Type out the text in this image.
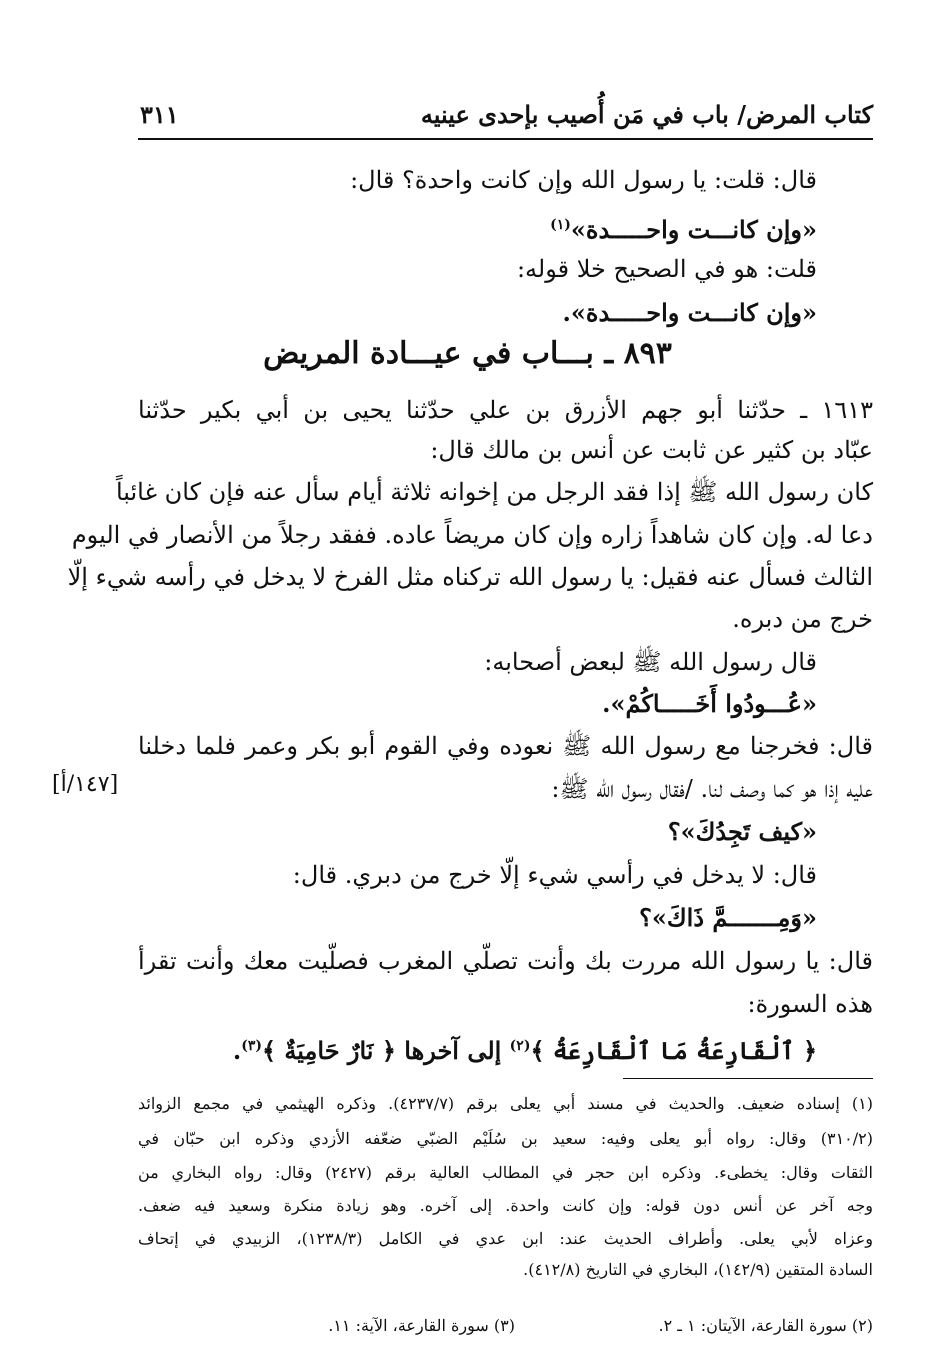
كتاب المرض/ باب في مَن أُصيب بإحدى عينيه
٣١١
قال: قلت: يا رسول الله وإن كانت واحدة؟ قال:
«وإن كانـــت واحـــــدة»$^{(١)}$
قلت: هو في الصحيح خلا قوله:
«وإن كانـــت واحـــــدة».
٨٩٣ ـ بـــاب في عيـــادة المريض
١٦١٣ ـ حدّثنا أبو جهم الأزرق بن علي حدّثنا يحيى بن أبي بكير حدّثنا
عبّاد بن كثير عن ثابت عن أنس بن مالك قال:
كان رسول الله ﷺ إذا فقد الرجل من إخوانه ثلاثة أيام سأل عنه فإن كان غائباً
دعا له. وإن كان شاهداً زاره وإن كان مريضاً عاده. ففقد رجلاً من الأنصار في اليوم
الثالث فسأل عنه فقيل: يا رسول الله تركناه مثل الفرخ لا يدخل في رأسه شيء إلّا
خرج من دبره.
قال رسول الله ﷺ لبعض أصحابه:
«عُـــودُوا أَخَـــــاكُمْ».
قال: فخرجنا مع رسول الله ﷺ نعوده وفي القوم أبو بكر وعمر فلما دخلنا
عليه إذا هو كما وصف لنا. /فقال رسول الله ﷺ:
[١٤٧/أ]
«كيف تَجِدُكَ»؟
قال: لا يدخل في رأسي شيء إلّا خرج من دبري. قال:
«وَمِـــــــمَّ ذَاكَ»؟
قال: يا رسول الله مررت بك وأنت تصلّي المغرب فصلّيت معك وأنت تقرأ
هذه السورة:
﴿ ٱلْقَارِعَةُ مَا ٱلْقَارِعَةُ ﴾$^{(٢)}$ إلى آخرها ﴿ نَارٌ حَامِيَةٌ ﴾$^{(٣)}$.
(١) إسناده ضعيف. والحديث في مسند أبي يعلى برقم (٤٢٣٧/٧). وذكره الهيثمي في مجمع الزوائد
(٣١٠/٢) وقال: رواه أبو يعلى وفيه: سعيد بن سُلَيْم الضبّي ضعّفه الأزدي وذكره ابن حبّان في
الثقات وقال: يخطىء. وذكره ابن حجر في المطالب العالية برقم (٢٤٢٧) وقال: رواه البخاري من
وجه آخر عن أنس دون قوله: وإن كانت واحدة. إلى آخره. وهو زيادة منكرة وسعيد فيه ضعف.
وعزاه لأبي يعلى. وأطراف الحديث عند: ابن عدي في الكامل (١٢٣٨/٣)، الزبيدي في إتحاف
السادة المتقين (١٤٢/٩)، البخاري في التاريخ (٤١٢/٨).
(٢) سورة القارعة، الآيتان: ١ ـ ٢.
(٣) سورة القارعة، الآية: ١١.
